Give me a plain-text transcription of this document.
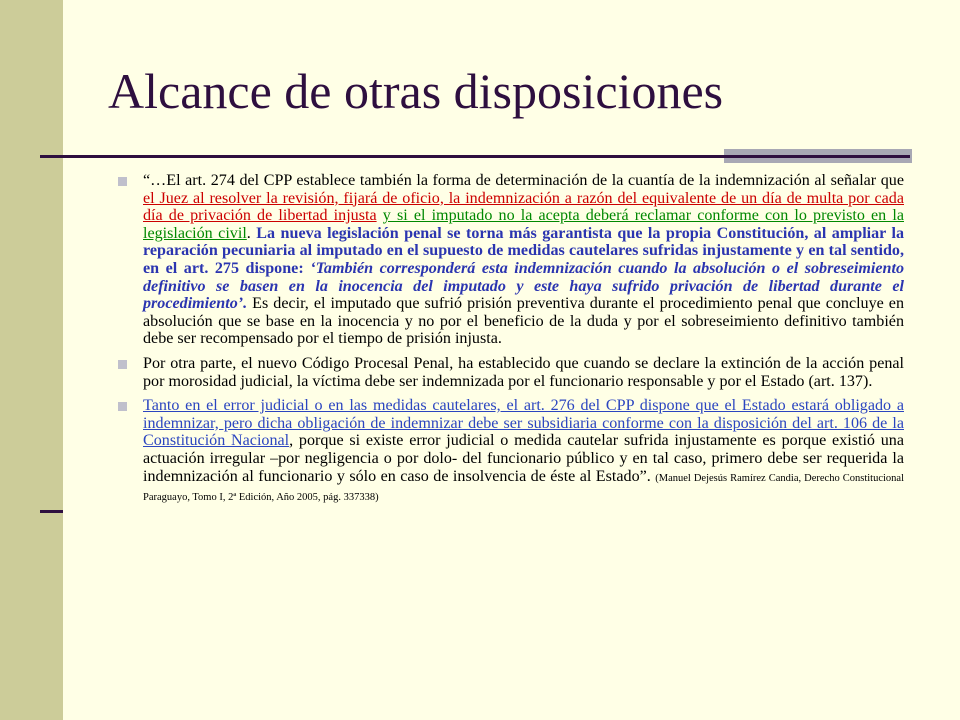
Alcance de otras disposiciones
“…El art. 274 del CPP establece también la forma de determinación de la cuantía de la indemnización al señalar que el Juez al resolver la revisión, fijará de oficio, la indemnización a razón del equivalente de un día de multa por cada día de privación de libertad injusta y si el imputado no la acepta deberá reclamar conforme con lo previsto en la legislación civil. La nueva legislación penal se torna más garantista que la propia Constitución, al ampliar la reparación pecuniaria al imputado en el supuesto de medidas cautelares sufridas injustamente y en tal sentido, en el art. 275 dispone: ‘También corresponderá esta indemnización cuando la absolución o el sobreseimiento definitivo se basen en la inocencia del imputado y este haya sufrido privación de libertad durante el procedimiento’. Es decir, el imputado que sufrió prisión preventiva durante el procedimiento penal que concluye en absolución que se base en la inocencia y no por el beneficio de la duda y por el sobreseimiento definitivo también debe ser recompensado por el tiempo de prisión injusta.
Por otra parte, el nuevo Código Procesal Penal, ha establecido que cuando se declare la extinción de la acción penal por morosidad judicial, la víctima debe ser indemnizada por el funcionario responsable y por el Estado (art. 137).
Tanto en el error judicial o en las medidas cautelares, el art. 276 del CPP dispone que el Estado estará obligado a indemnizar, pero dicha obligación de indemnizar debe ser subsidiaria conforme con la disposición del art. 106 de la Constitución Nacional, porque si existe error judicial o medida cautelar sufrida injustamente es porque existió una actuación irregular –por negligencia o por dolo- del funcionario público y en tal caso, primero debe ser requerida la indemnización al funcionario y sólo en caso de insolvencia de éste al Estado”. (Manuel Dejesús Ramírez Candia, Derecho Constitucional Paraguayo, Tomo I, 2ª Edición, Año 2005, pág. 337338)
